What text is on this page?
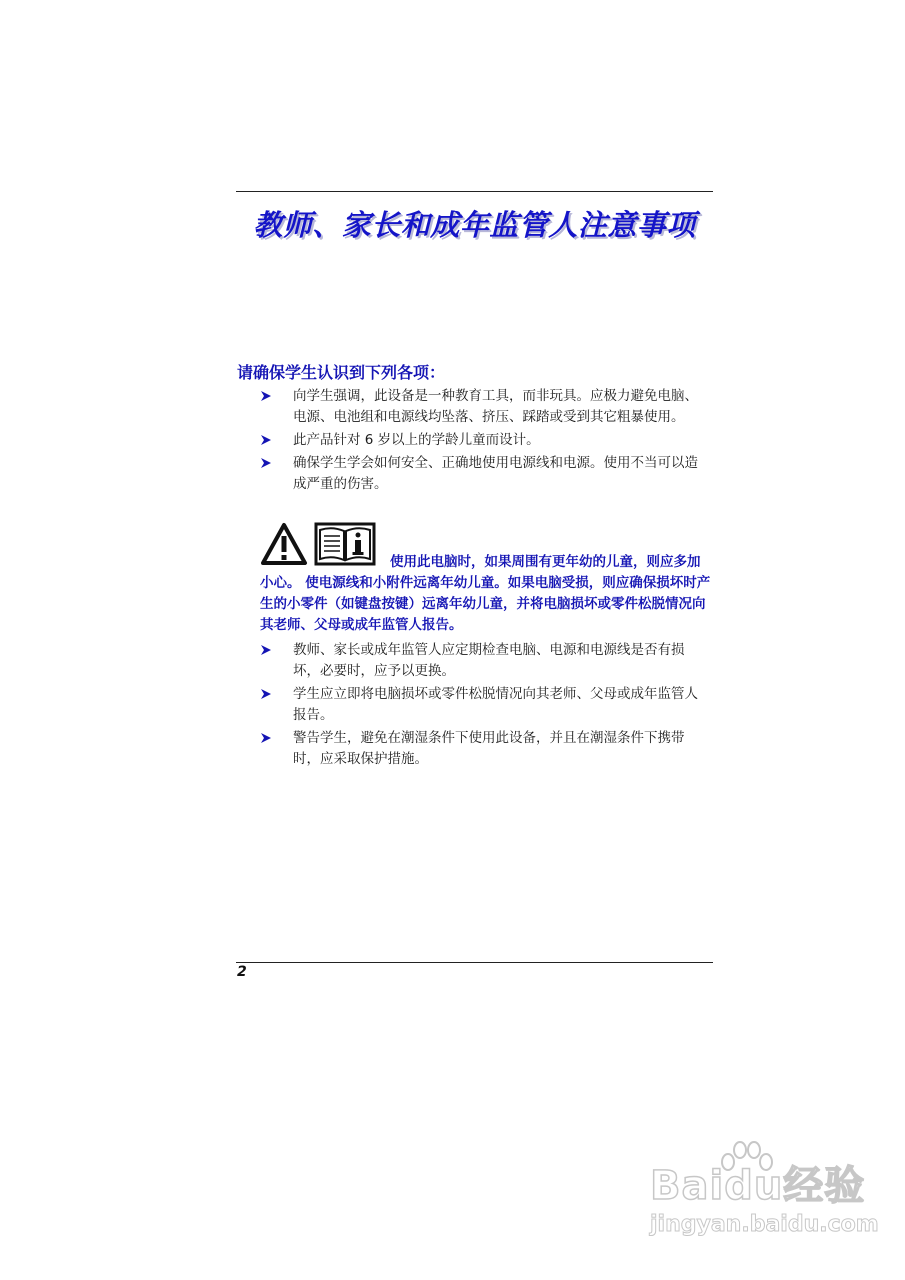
教师、家长和成年监管人注意事项
请确保学生认识到下列各项：
向学生强调，此设备是一种教育工具，而非玩具。应极力避免电脑、电源、电池组和电源线均坠落、挤压、踩踏或受到其它粗暴使用。
此产品针对 6 岁以上的学龄儿童而设计。
确保学生学会如何安全、正确地使用电源线和电源。使用不当可以造成严重的伤害。
使用此电脑时，如果周围有更年幼的儿童，则应多加小心。 使电源线和小附件远离年幼儿童。如果电脑受损，则应确保损坏时产生的小零件（如键盘按键）远离年幼儿童，并将电脑损坏或零件松脱情况向其老师、父母或成年监管人报告。
教师、家长或成年监管人应定期检查电脑、电源和电源线是否有损坏，必要时，应予以更换。
学生应立即将电脑损坏或零件松脱情况向其老师、父母或成年监管人报告。
警告学生，避免在潮湿条件下使用此设备，并且在潮湿条件下携带时，应采取保护措施。
2
Baidu经验
jingyan.baidu.com
